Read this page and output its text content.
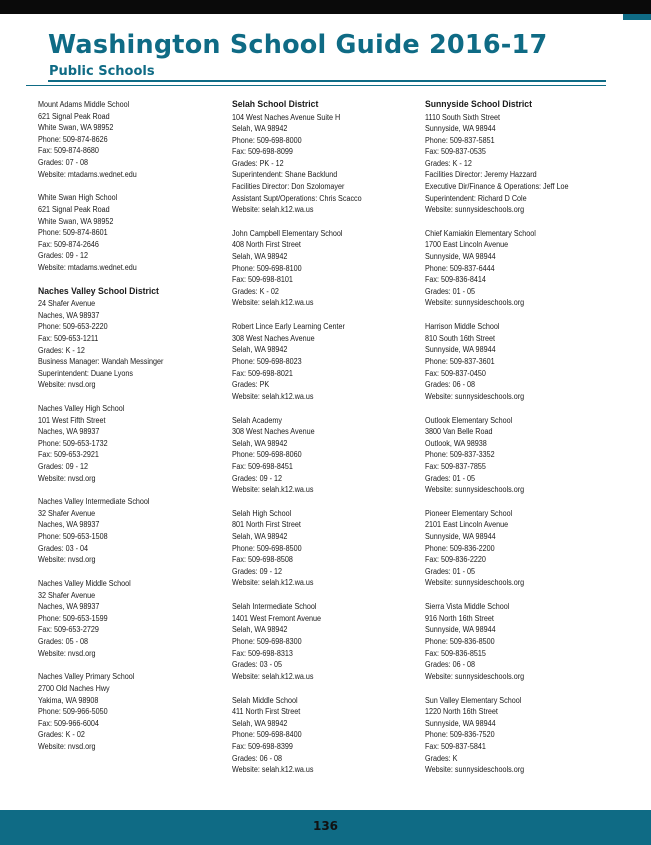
Washington School Guide 2016-17
Public Schools
Mount Adams Middle School
621 Signal Peak Road
White Swan, WA 98952
Phone: 509-874-8626
Fax: 509-874-8680
Grades: 07 - 08
Website: mtadams.wednet.edu
White Swan High School
621 Signal Peak Road
White Swan, WA 98952
Phone: 509-874-8601
Fax: 509-874-2646
Grades: 09 - 12
Website: mtadams.wednet.edu
Naches Valley School District
24 Shafer Avenue
Naches, WA 98937
Phone: 509-653-2220
Fax: 509-653-1211
Grades: K - 12
Business Manager: Wandah Messinger
Superintendent: Duane Lyons
Website: nvsd.org
Naches Valley High School
101 West Fifth Street
Naches, WA 98937
Phone: 509-653-1732
Fax: 509-653-2921
Grades: 09 - 12
Website: nvsd.org
Naches Valley Intermediate School
32 Shafer Avenue
Naches, WA 98937
Phone: 509-653-1508
Grades: 03 - 04
Website: nvsd.org
Naches Valley Middle School
32 Shafer Avenue
Naches, WA 98937
Phone: 509-653-1599
Fax: 509-653-2729
Grades: 05 - 08
Website: nvsd.org
Naches Valley Primary School
2700 Old Naches Hwy
Yakima, WA 98908
Phone: 509-966-5050
Fax: 509-966-6004
Grades: K - 02
Website: nvsd.org
Selah School District
104 West Naches Avenue Suite H
Selah, WA 98942
Phone: 509-698-8000
Fax: 509-698-8099
Grades: PK - 12
Superintendent: Shane Backlund
Facilities Director: Don Szolomayer
Assistant Supt/Operations: Chris Scacco
Website: selah.k12.wa.us
John Campbell Elementary School
408 North First Street
Selah, WA 98942
Phone: 509-698-8100
Fax: 509-698-8101
Grades: K - 02
Website: selah.k12.wa.us
Robert Lince Early Learning Center
308 West Naches Avenue
Selah, WA 98942
Phone: 509-698-8023
Fax: 509-698-8021
Grades: PK
Website: selah.k12.wa.us
Selah Academy
308 West Naches Avenue
Selah, WA 98942
Phone: 509-698-8060
Fax: 509-698-8451
Grades: 09 - 12
Website: selah.k12.wa.us
Selah High School
801 North First Street
Selah, WA 98942
Phone: 509-698-8500
Fax: 509-698-8508
Grades: 09 - 12
Website: selah.k12.wa.us
Selah Intermediate School
1401 West Fremont Avenue
Selah, WA 98942
Phone: 509-698-8300
Fax: 509-698-8313
Grades: 03 - 05
Website: selah.k12.wa.us
Selah Middle School
411 North First Street
Selah, WA 98942
Phone: 509-698-8400
Fax: 509-698-8399
Grades: 06 - 08
Website: selah.k12.wa.us
Sunnyside School District
1110 South Sixth Street
Sunnyside, WA 98944
Phone: 509-837-5851
Fax: 509-837-0535
Grades: K - 12
Facilities Director: Jeremy Hazzard
Executive Dir/Finance & Operations: Jeff Loe
Superintendent: Richard D Cole
Website: sunnysideschools.org
Chief Kamiakin Elementary School
1700 East Lincoln Avenue
Sunnyside, WA 98944
Phone: 509-837-6444
Fax: 509-836-8414
Grades: 01 - 05
Website: sunnysideschools.org
Harrison Middle School
810 South 16th Street
Sunnyside, WA 98944
Phone: 509-837-3601
Fax: 509-837-0450
Grades: 06 - 08
Website: sunnysideschools.org
Outlook Elementary School
3800 Van Belle Road
Outlook, WA 98938
Phone: 509-837-3352
Fax: 509-837-7855
Grades: 01 - 05
Website: sunnysideschools.org
Pioneer Elementary School
2101 East Lincoln Avenue
Sunnyside, WA 98944
Phone: 509-836-2200
Fax: 509-836-2220
Grades: 01 - 05
Website: sunnysideschools.org
Sierra Vista Middle School
916 North 16th Street
Sunnyside, WA 98944
Phone: 509-836-8500
Fax: 509-836-8515
Grades: 06 - 08
Website: sunnysideschools.org
Sun Valley Elementary School
1220 North 16th Street
Sunnyside, WA 98944
Phone: 509-836-7520
Fax: 509-837-5841
Grades: K
Website: sunnysideschools.org
136
